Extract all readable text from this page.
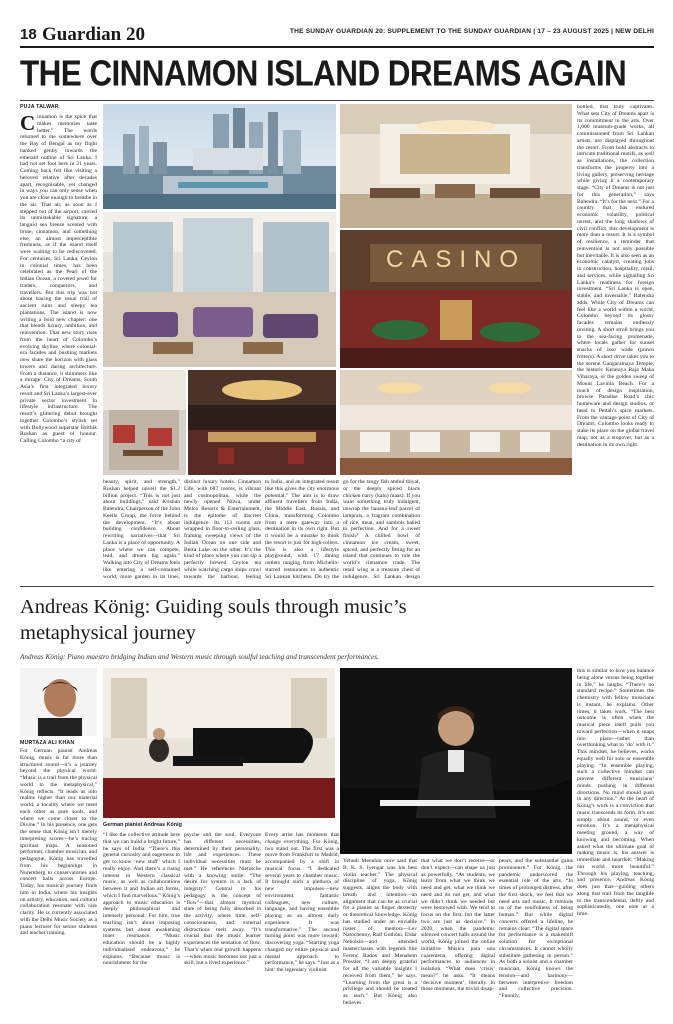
18 Guardian 20	THE SUNDAY GUARDIAN 20: SUPPLEMENT TO THE SUNDAY GUARDIAN | 17 – 23 AUGUST 2025 | NEW DELHI
THE CINNAMON ISLAND DREAMS AGAIN
PUJA TALWAR
Cinnamon is the spice that makes memories taste better.” The words returned to me somewhere over the Bay of Bengal as my flight banked gently towards the emerald outline of Sri Lanka. I had not set foot here in 21 years. Coming back felt like visiting a beloved relative after decades apart, recognisable, yet changed in ways you can only sense when you are close enough to breathe in the air. That air, as soon as I stepped out of the airport, carried its unmistakable signature: a languid sea breeze scented with brine, cinnamon, and something else, an almost imperceptible freshness, as if the island itself were waiting to be rediscovered. For centuries, Sri Lanka, Ceylon in colonial times, has been celebrated as the Pearl of the Indian Ocean, a coveted jewel for traders, conquerors, and travellers. But this trip was not about tracing the usual trail of ancient ruins and sleepy tea plantations. The island is now writing a bold new chapter: one that blends luxury, ambition, and reinvention. That new story rises from the heart of Colombo’s evolving skyline, where colonial-era facades and bustling markets now share the horizon with glass towers and daring architecture. From a distance, it shimmers like a mirage: City of Dreams, South Asia’s first integrated luxury resort and Sri Lanka’s largest-ever private sector investment in lifestyle infrastructure. The resort’s glittering debut brought together Colombo’s stylish set with Bollywood superstar Hrithik Roshan as guest of honour. Calling Colombo “a city of
CASINO
beauty, spirit, and strength,” Roshan helped unveil the $1.2 billion project. “This is not just about buildings,” said Krishan Balendra, Chairperson of the John Keells Group, the force behind the development. “It’s about building confidence. About rewriting narratives—that Sri Lanka is a place of opportunity. A place where we can compete, lead, and dream big again.” Walking into City of Dreams feels like entering a self-contained world, more garden in its lines,
distinct luxury hotels. Cinnamon Life, with 687 rooms, is vibrant and cosmopolitan, while the newly opened Nüwa, under Melco Resorts & Entertainment, is the epitome of discreet indulgence. Its 113 rooms are wrapped in floor-to-ceiling glass, framing sweeping views of the Indian Ocean on one side and Beira Lake on the other. It’s the kind of place where you can sip a perfectly brewed Ceylon tea while watching cargo ships crawl towards the harbour, feeling
to India, and an integrated resort like this gives the city enormous potential.” The aim is to draw affluent travellers from India, the Middle East, Russia, and China, transforming Colombo from a mere gateway into a destination in its own right. But it would be a mistake to think the resort is just for high-rollers. This is also a lifestyle playground, with 17 dining outlets ranging from Michelin-starred restaurants to authentic Sri Lankan kitchens. Do try the
go for the tangy fish ambul thiyal, or the deeply spiced black chicken curry (kalu) maas). If you want something truly indulgent, unwrap the banana-leaf parcel of lamprais, a fragrant combination of rice, meat, and sambols baked to perfection. And for a sweet finish? A chilled bowl of cinnamon ice cream, sweet, spiced, and perfectly fitting for an island that continues to rule the world’s cinnamon trade. The retail wing is a treasure chest of indulgence. Sri Lankan design
bottled, that truly captivates. What sets City of Dreams apart is its commitment to the arts. Over 1,000 museum-grade works, all commissioned from Sri Lankan artists, are displayed throughout the resort. From bold abstracts to intricate traditional motifs, as well as installations, the collection transforms the property into a living gallery, preserving heritage while giving it a contemporary stage. “City of Dreams is not just for this generation,” says Balendra. “It’s for the next.” For a country that has endured economic volatility, political unrest, and the long shadows of civil conflict, this development is more than a resort. It is a symbol of resilience, a reminder that reinvention is not only possible but inevitable. It is also seen as an economic catalyst, creating jobs in construction, hospitality, retail, and services, while signalling Sri Lanka’s readiness for foreign investment. “Sri Lanka is open, stable, and investable,” Balendra adds. While City of Dreams can feel like a world within a world, Colombo beyond its glossy facades remains endlessly inviting. A short stroll brings you to the sea-facing promenade, where locals gather for sunset snacks of isso wade (prawn fritters). A short drive takes you to the serene Gangaramaya Temple, the historic Kelaniya Raja Maha Viharaya, or the golden sweep of Mount Lavinia Beach. For a touch of design inspiration, browse Paradise Road’s chic homeware and design studios, or head to Pettah’s spice markets. From the vantage point of City of Dreams, Colombo looks ready to stake its place on the global travel map, not as a stopover, but as a destination in its own right.
Andreas König: Guiding souls through music’s
metaphysical journey
Andreas König: Piano maestro bridging Indian and Western music through soulful teaching and transcendent performances.
MURTAZA ALI KHAN
For German pianist Andreas König, music is far more than structured sound—it’s a journey beyond the physical world. “Music is a trail from the physical world to the metaphysical,” König reflects. “It leads us into realms higher than our material world, a locality where we meet each other as pure souls, and where we come closer to the Divine.” In his presence, one gets the sense that König isn’t merely interpreting scores—he’s tracing spiritual maps. A seasoned performer, chamber musician, and pedagogue, König has travelled from his beginnings in Nuremberg to conservatories and concert halls across Europe. Today, his musical journey finds him in India, where his insights on artistry, education, and cultural collaboration resonate with rare clarity. He is currently associated with the Delhi Music Society as a piano lecturer for senior students and teacher training.
German pianist Andreas König
“I like the collective attitude here that we can build a bright future,” he says of India. “There’s this general curiosity and eagerness to get to know ‘new stuff’ which I really enjoy. And there’s a rising interest in Western classical music, as well as collaborations between it and Indian art forms, which I find marvellous.” König’s approach to music education is deeply philosophical and intensely personal. For him, true teaching isn’t about imposing systems but about awakening inner resonance. “Music education should be a highly individualised endeavour,” he explains. “Because music is nourishment for the
psyche and the soul. Everyone has different necessities, determined by their personality, life and experiences. These individual necessities must be met.” He references Nietzsche with a knowing smile: “The desire for system is a lack of integrity.” Central to his pedagogy is the concept of “flow”—that almost mystical state of being fully absorbed in the activity, where time, self-consciousness, and external distractions melt away. “It’s crucial that the music learner experiences the sensation of flow. That’s when real growth happens—when music becomes not just a skill, but a lived experience.”
Every artist has moments that change everything. For König, two stand out. The first was a move from Frankfurt to Madrid, accompanied by a shift in musical focus. “I dedicated several years to chamber music. It brought such a plethora of new impulses—new environment, fantastic colleagues, new culture, language, and having ensemble playing as an almost daily experience. It was transformative.” The second turning point was more inward: discovering yoga. “Starting yoga changed my entire physical and mental approach to performance,” he says. “Just as a hint: the legendary violinist
Yehudi Menuhin once said that B. K. S. Iyengar was his best violin teacher.” The physical discipline of yoga, König suggests, aligns the body with breath and intention—an alignment that can be as crucial for a pianist as finger dexterity or theoretical knowledge. König has studied under an enviable roster of mentors—Lev Natochenny, Ralf Gothóni, Eldar Nebolsin—and attended masterclasses with legends like Ferenc Rados and Menahem Pressler. “I am deeply grateful for all the valuable insights I received from them,” he says. “Learning from the great is a privilege and should be treated as such.” But König also believes
that what we don’t receive—or don’t expect—can shape us just as powerfully. “As students, we learn from what we think we need and get, what we think we need and do not get, and what we didn’t think we needed but were bestowed with. We tend to focus on the first, but the latter two are just as decisive.” In 2020, when the pandemic silenced concert halls around the world, König joined the online initiative Música para una cuarentena, offering digital performances to audiences in isolation. “What does ‘crisis’ mean?” he asks. “It means ‘decisive moment’, literally. In those moments, the trivial disap-
pears, and the substantial gains prominence.” For König, the pandemic underscored the essential role of the arts. “In times of prolonged distress, after the first shock, we feel that we need arts and music. It reminds us of the soulfulness of being human.” But while digital concerts offered a lifeline, he remains clear: “The digital space for performance is a makeshift solution for exceptional circumstances. It cannot wholly substitute gathering in person.” As both a soloist and a chamber musician, König knows the tension—and harmony—between interpretive freedom and collective precision. “Funnily,
this is similar to how you balance being alone versus being together in life,” he laughs. “There’s no standard recipe.” Sometimes the chemistry with fellow musicians is instant, he explains. Other times, it takes work. “The best outcome is often when the musical piece itself pulls you toward perfection—when it snaps into place—rather than overthinking what to ‘do’ with it.” This mindset, he believes, works equally well for solo or ensemble playing. “In ensemble playing, such a collective mindset can prevent different musicians’ minds pushing in different directions. No mind should push in any direction.” At the heart of König’s work is a conviction that music transcends its form. It’s not simply about sound, or even emotion. It’s a metaphysical meeting ground, a way of knowing and becoming. When asked what the ultimate goal of making music is, his answer is immediate and heartfelt: “Making our world more beautiful.” Through his playing, teaching, and presence, Andreas König does just that—guiding others along that trail from the tangible to the transcendental, deftly and sophisticatedly, one note at a time.
